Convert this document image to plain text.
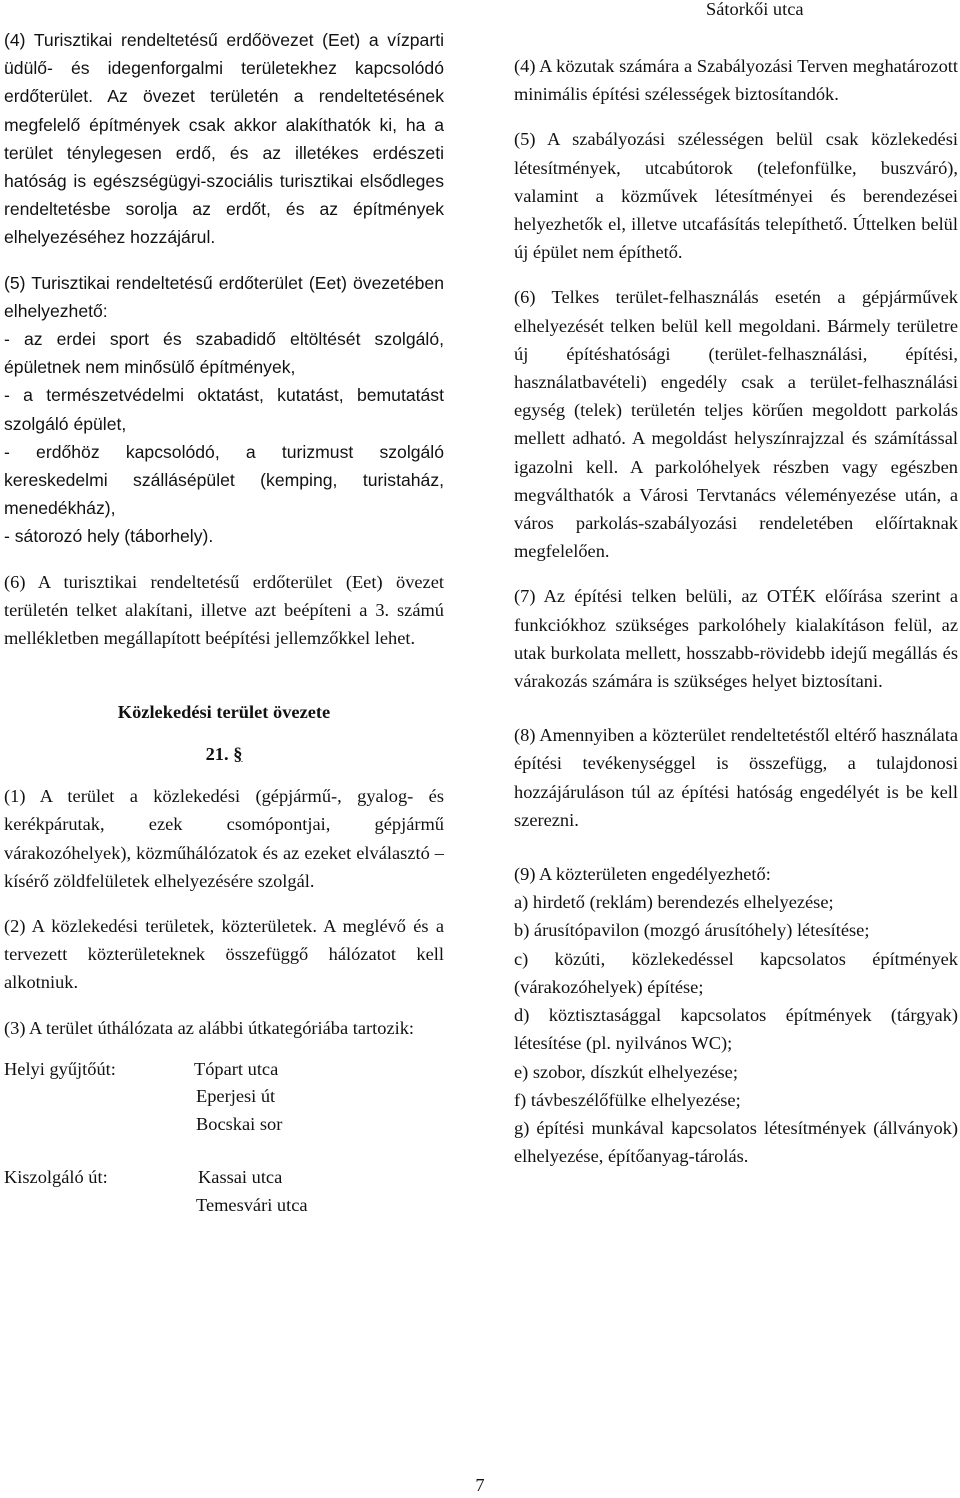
(4) Turisztikai rendeltetésű erdőövezet (Eet) a vízparti üdülő- és idegenforgalmi területekhez kapcsolódó erdőterület. Az övezet területén a rendeltetésének megfelelő építmények csak akkor alakíthatók ki, ha a terület ténylegesen erdő, és az illetékes erdészeti hatóság is egészségügyi-szociális turisztikai elsődleges rendeltetésbe sorolja az erdőt, és az építmények elhelyezéséhez hozzájárul.

(5) Turisztikai rendeltetésű erdőterület (Eet) övezetében elhelyezhető:

- az erdei sport és szabadidő eltöltését szolgáló, épületnek nem minősülő építmények,

- a természetvédelmi oktatást, kutatást, bemutatást szolgáló épület,

- erdőhöz kapcsolódó, a turizmust szolgáló kereskedelmi szállásépület (kemping, turistaház, menedékház),

- sátorozó hely (táborhely).

(6) A turisztikai rendeltetésű erdőterület (Eet) övezet területén telket alakítani, illetve azt beépíteni a 3. számú mellékletben megállapított beépítési jellemzőkkel lehet.

Közlekedési terület övezete

21. §

(1) A terület a közlekedési (gépjármű-, gyalog- és kerékpárutak, ezek csomópontjai, gépjármű várakozóhelyek), közműhálózatok és az ezeket elválasztó – kísérő zöldfelületek elhelyezésére szolgál.

(2) A közlekedési területek, közterületek. A meglévő és a tervezett közterületeknek összefüggő hálózatot kell alkotniuk.

(3) A terület úthálózata az alábbi útkategóriába tartozik:

Helyi gyűjtőút:	Tópart utca
Eperjesi út
Bocskai sor
Kiszolgáló út:	Kassai utca
Temesvári utca

Sátorkői utca

(4) A közutak számára a Szabályozási Terven meghatározott minimális építési szélességek biztosítandók.

(5) A szabályozási szélességen belül csak közlekedési létesítmények, utcabútorok (telefonfülke, buszváró), valamint a közművek létesítményei és berendezései helyezhetők el, illetve utcafásítás telepíthető. Úttelken belül új épület nem építhető.

(6) Telkes terület-felhasználás esetén a gépjárművek elhelyezését telken belül kell megoldani. Bármely területre új építéshatósági (terület-felhasználási, építési, használatbavételi) engedély csak a terület-felhasználási egység (telek) területén teljes körűen megoldott parkolás mellett adható. A megoldást helyszínrajzzal és számítással igazolni kell. A parkolóhelyek részben vagy egészben megválthatók a Városi Tervtanács véleményezése után, a város parkolás-szabályozási rendeletében előírtaknak megfelelően.

(7) Az építési telken belüli, az OTÉK előírása szerint a funkciókhoz szükséges parkolóhely kialakításon felül, az utak burkolata mellett, hosszabb-rövidebb idejű megállás és várakozás számára is szükséges helyet biztosítani.

(8) Amennyiben a közterület rendeltetéstől eltérő használata építési tevékenységgel is összefügg, a tulajdonosi hozzájáruláson túl az építési hatóság engedélyét is be kell szerezni.

(9) A közterületen engedélyezhető:

a) hirdető (reklám) berendezés elhelyezése;

b) árusítópavilon (mozgó árusítóhely) létesítése;

c) közúti, közlekedéssel kapcsolatos építmények (várakozóhelyek) építése;

d) köztisztasággal kapcsolatos építmények (tárgyak) létesítése (pl. nyilvános WC);

e) szobor, díszkút elhelyezése;

f) távbeszélőfülke elhelyezése;

g) építési munkával kapcsolatos létesítmények (állványok) elhelyezése, építőanyag-tárolás.

7
